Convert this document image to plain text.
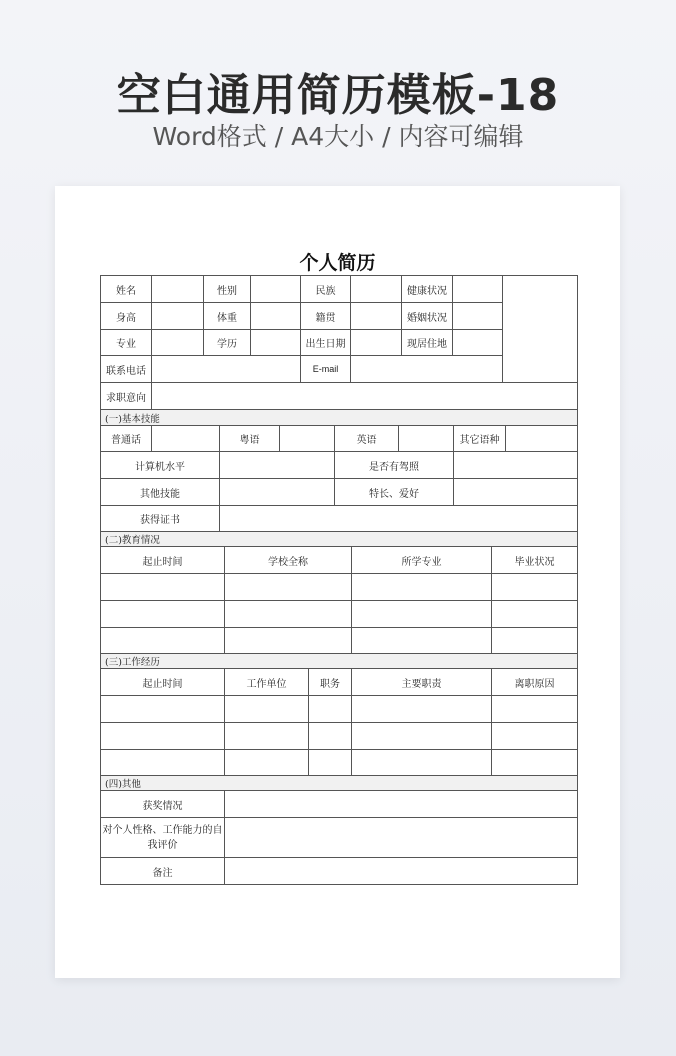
空白通用简历模板-18
Word格式 / A4大小 / 内容可编辑
个人简历
姓名		性别		民族		健康状况		
身高		体重		籍贯		婚姻状况		
专业		学历		出生日期		现居住地		
联系电话				E-mail				
求职意向								
(一)基本技能							
普通话		粤语		英语		其它语种	
计算机水平				是否有驾照			
其他技能				特长、爱好			
获得证书							
(二)教育情况			
起止时间	学校全称	所学专业	毕业状况

(三)工作经历				
起止时间	工作单位	职务	主要职责	离职原因

(四)其他	
获奖情况	
对个人性格、工作能力的自我评价	
备注	
